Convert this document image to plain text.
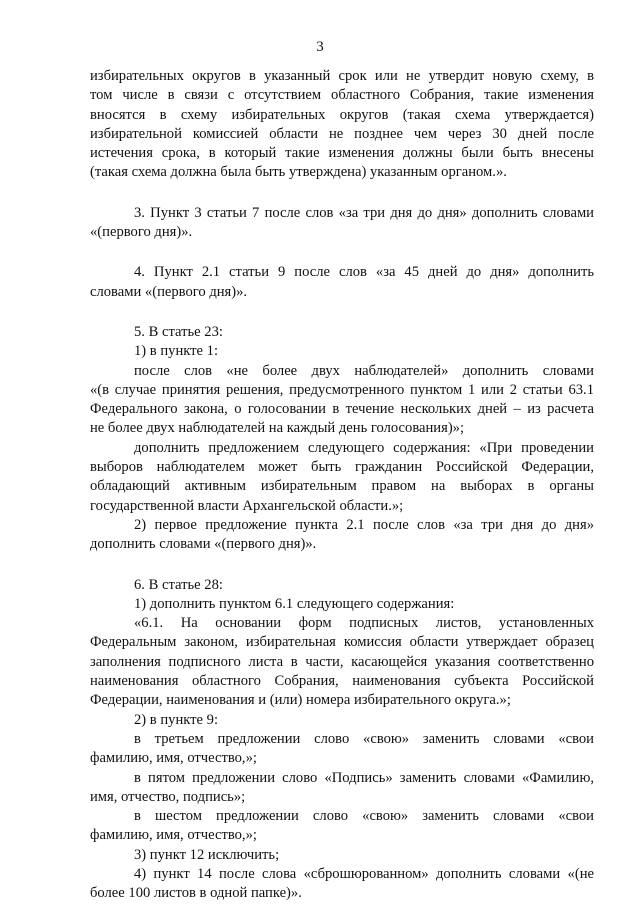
3

избирательных округов в указанный срок или не утвердит новую схему, в

том числе в связи с отсутствием областного Собрания, такие изменения

вносятся в схему избирательных округов (такая схема утверждается)

избирательной комиссией области не позднее чем через 30 дней после

истечения срока, в который такие изменения должны были быть внесены

(такая схема должна была быть утверждена) указанным органом.».

3. Пункт 3 статьи 7 после слов «за три дня до дня» дополнить словами

«(первого дня)».

4. Пункт 2.1 статьи 9 после слов «за 45 дней до дня» дополнить

словами «(первого дня)».

5. В статье 23:

1) в пункте 1:

после слов «не более двух наблюдателей» дополнить словами

«(в случае принятия решения, предусмотренного пунктом 1 или 2 статьи 63.1

Федерального закона, о голосовании в течение нескольких дней – из расчета

не более двух наблюдателей на каждый день голосования)»;

дополнить предложением следующего содержания: «При проведении

выборов наблюдателем может быть гражданин Российской Федерации,

обладающий активным избирательным правом на выборах в органы

государственной власти Архангельской области.»;

2) первое предложение пункта 2.1 после слов «за три дня до дня»

дополнить словами «(первого дня)».

6. В статье 28:

1) дополнить пунктом 6.1 следующего содержания:

«6.1. На основании форм подписных листов, установленных

Федеральным законом, избирательная комиссия области утверждает образец

заполнения подписного листа в части, касающейся указания соответственно

наименования областного Собрания, наименования субъекта Российской

Федерации, наименования и (или) номера избирательного округа.»;

2) в пункте 9:

в третьем предложении слово «свою» заменить словами «свои

фамилию, имя, отчество,»;

в пятом предложении слово «Подпись» заменить словами «Фамилию,

имя, отчество, подпись»;

в шестом предложении слово «свою» заменить словами «свои

фамилию, имя, отчество,»;

3) пункт 12 исключить;

4) пункт 14 после слова «сброшюрованном» дополнить словами «(не

более 100 листов в одной папке)».
